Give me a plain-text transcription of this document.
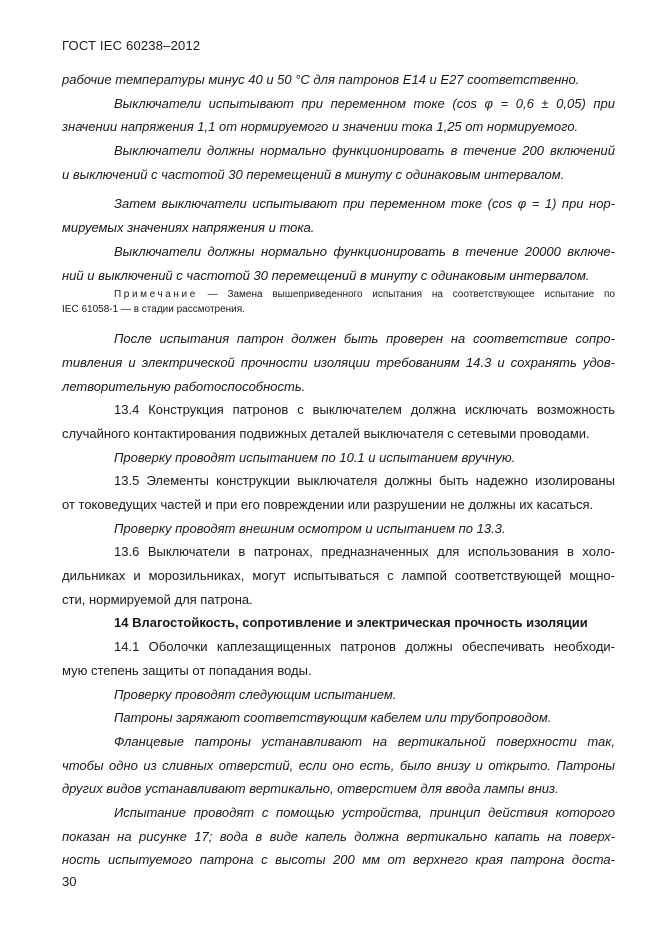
ГОСТ IEC 60238–2012
рабочие температуры минус 40 и 50 °С для патронов Е14 и Е27 соответственно.
Выключатели испытывают при переменном токе (cos φ = 0,6 ± 0,05) при
значении напряжения 1,1 от нормируемого и значении тока 1,25 от нормируемого.
Выключатели должны нормально функционировать в течение 200 включений
и выключений с частотой 30 перемещений в минуту с одинаковым интервалом.
Затем выключатели испытывают при переменном токе (cos φ = 1) при нор-
мируемых значениях напряжения и тока.
Выключатели должны нормально функционировать в течение 20000 включе-
ний и выключений с частотой 30 перемещений в минуту с одинаковым интервалом.
Примечание — Замена вышеприведенного испытания на соответствующее испытание по
IEC 61058-1 — в стадии рассмотрения.
После испытания патрон должен быть проверен на соответствие сопро-
тивления и электрической прочности изоляции требованиям 14.3 и сохранять удов-
летворительную работоспособность.
13.4 Конструкция патронов с выключателем должна исключать возможность
случайного контактирования подвижных деталей выключателя с сетевыми проводами.
Проверку проводят испытанием по 10.1 и испытанием вручную.
13.5 Элементы конструкции выключателя должны быть надежно изолированы
от токоведущих частей и при его повреждении или разрушении не должны их касаться.
Проверку проводят внешним осмотром и испытанием по 13.3.
13.6 Выключатели в патронах, предназначенных для использования в холо-
дильниках и морозильниках, могут испытываться с лампой соответствующей мощно-
сти, нормируемой для патрона.
14 Влагостойкость, сопротивление и электрическая прочность изоляции
14.1 Оболочки каплезащищенных патронов должны обеспечивать необходи-
мую степень защиты от попадания воды.
Проверку проводят следующим испытанием.
Патроны заряжают соответствующим кабелем или трубопроводом.
Фланцевые патроны устанавливают на вертикальной поверхности так,
чтобы одно из сливных отверстий, если оно есть, было внизу и открыто. Патроны
других видов устанавливают вертикально, отверстием для ввода лампы вниз.
Испытание проводят с помощью устройства, принцип действия которого
показан на рисунке 17; вода в виде капель должна вертикально капать на поверх-
ность испытуемого патрона с высоты 200 мм от верхнего края патрона доста-
30
